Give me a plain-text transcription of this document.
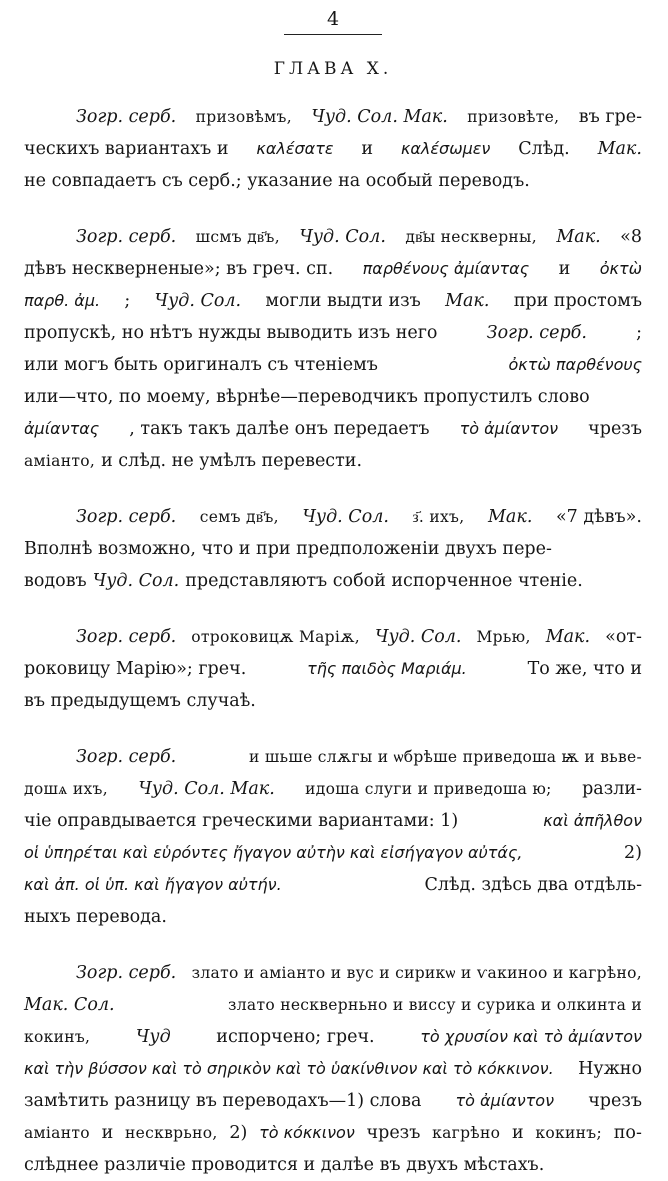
4
ГЛАВА X.
Зогр. серб. призовѣмъ, Чуд. Сол. Мак. призовѣте, въ гре-
ческихъ вариантахъ и καλέσατε и καλέσωμεν Слѣд. Мак.
не совпадаетъ съ серб.; указание на особый переводъ.
Зогр. серб. шсмъ дв҃ъ, Чуд. Сол. дв҃ы нескверны, Мак. «8
дѣвъ нескверненые»; въ греч. сп. παρθένους ἀμίαντας и ὀκτὼ
παρθ. ἀμ. ; Чуд. Сол. могли выдти изъ Мак. при простомъ
пропускѣ, но нѣтъ нужды выводить изъ него	Зогр. серб.	;
или могъ быть оригиналъ съ чтенiемъ	ὀκτὼ παρθένους
или—что, по моему, вѣрнѣе—переводчикъ пропустилъ слово
ἀμίαντας , такъ такъ далѣе онъ передаетъ τὸ ἀμίαντον чрезъ
аміанто, и слѣд. не умѣлъ перевести.
Зогр. серб. семъ дв҃ъ, Чуд. Сол. з҃. ихъ, Мак. «7 дѣвъ».
Вполнѣ возможно, что и при предположенiи двухъ пере-
водовъ Чуд. Сол. представляютъ собой испорченное чтенiе.
Зогр. серб. отроковицѫ Маріѫ, Чуд. Сол. Мрью, Мак. «от-
роковицу Марiю»; греч.	τῆς παιδὸς Μαριάμ.	То же, что и
въ предыдущемъ случаѣ.
Зогр. серб.	и шьше слѫгы и ѡбрѣше приведоша ѭ и вьве-
дошѧ ихъ, Чуд. Сол. Мак. идоша слуги и приведоша ю; разли-
чiе оправдывается греческими вариантами: 1)	καὶ ἀπῆλθον
οἱ ὑπηρέται καὶ εὑρόντες ἤγαγον αὐτὴν καὶ εἰσήγαγον αὐτάς,	2)
καὶ ἀπ. οἱ ὑπ. καὶ ἤγαγον αὐτήν.	Слѣд. здѣсь два отдѣль-
ныхъ перевода.
Зогр. серб. злато и аміанто и вус и сирикѡ и ѵакиноо и кагрѣно,
Мак. Сол.	злато нескверньно и виссу и сурика и олкинта и
кокинъ,	Чуд	испорчено; греч.	τὸ χρυσίον καὶ τὸ ἀμίαντον
καὶ τὴν βύσσον καὶ τὸ σηρικὸν καὶ τὸ ὑακίνθινον καὶ τὸ κόκκινον. Нужно
замѣтить разницу въ переводахъ—1) слова τὸ ἀμίαντον чрезъ
аміанто и нескврьно, 2) τὸ κόκκινον чрезъ кагрѣно и кокинъ; по-
слѣднее различiе проводится и далѣе въ двухъ мѣстахъ.
